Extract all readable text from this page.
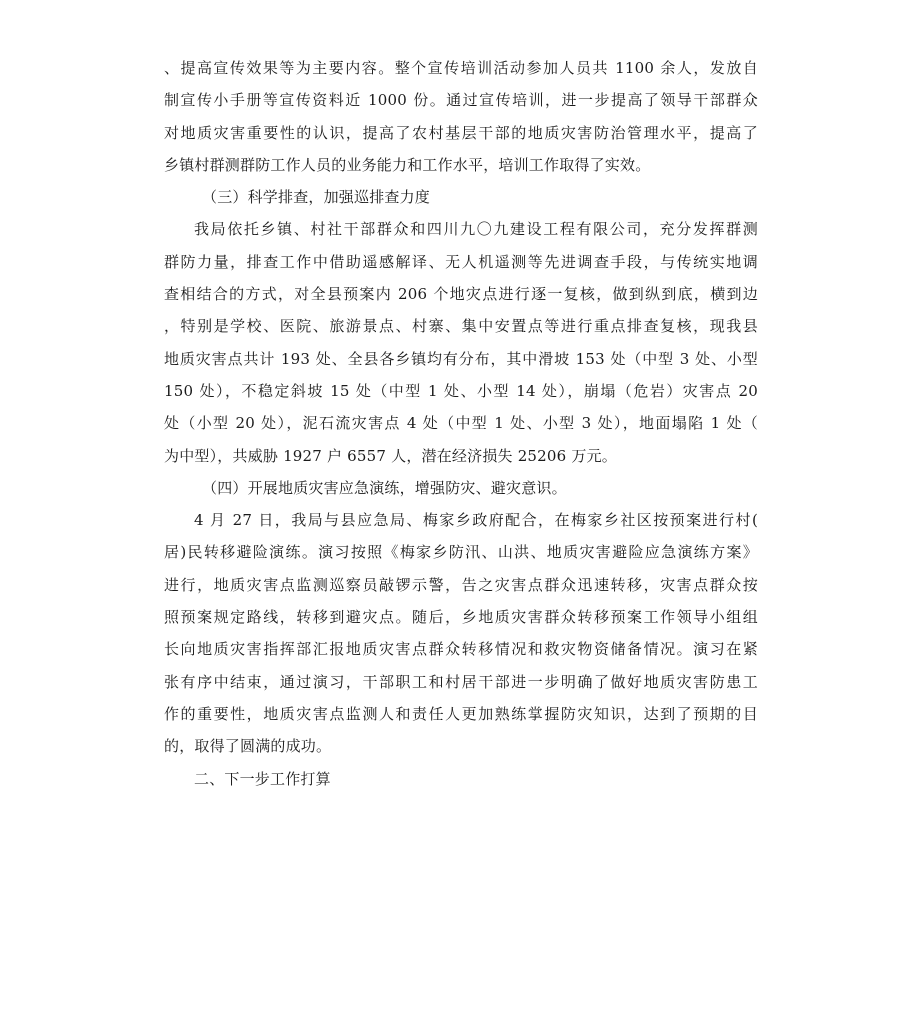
、提高宣传效果等为主要内容。整个宣传培训活动参加人员共 1100 余人，发放自
制宣传小手册等宣传资料近 1000 份。通过宣传培训，进一步提高了领导干部群众
对地质灾害重要性的认识，提高了农村基层干部的地质灾害防治管理水平，提高了
乡镇村群测群防工作人员的业务能力和工作水平，培训工作取得了实效。
（三）科学排查，加强巡排查力度
我局依托乡镇、村社干部群众和四川九〇九建设工程有限公司，充分发挥群测
群防力量，排查工作中借助遥感解译、无人机遥测等先进调查手段，与传统实地调
查相结合的方式，对全县预案内 206 个地灾点进行逐一复核，做到纵到底，横到边
，特别是学校、医院、旅游景点、村寨、集中安置点等进行重点排查复核，现我县
地质灾害点共计 193 处、全县各乡镇均有分布，其中滑坡 153 处（中型 3 处、小型
150 处），不稳定斜坡 15 处（中型 1 处、小型 14 处），崩塌（危岩）灾害点 20
处（小型 20 处），泥石流灾害点 4 处（中型 1 处、小型 3 处），地面塌陷 1 处（
为中型），共威胁 1927 户 6557 人，潜在经济损失 25206 万元。
（四）开展地质灾害应急演练，增强防灾、避灾意识。
4 月 27 日，我局与县应急局、梅家乡政府配合，在梅家乡社区按预案进行村(
居)民转移避险演练。演习按照《梅家乡防汛、山洪、地质灾害避险应急演练方案》
进行，地质灾害点监测巡察员敲锣示警，告之灾害点群众迅速转移，灾害点群众按
照预案规定路线，转移到避灾点。随后，乡地质灾害群众转移预案工作领导小组组
长向地质灾害指挥部汇报地质灾害点群众转移情况和救灾物资储备情况。演习在紧
张有序中结束，通过演习，干部职工和村居干部进一步明确了做好地质灾害防患工
作的重要性，地质灾害点监测人和责任人更加熟练掌握防灾知识，达到了预期的目
的，取得了圆满的成功。
二、下一步工作打算
